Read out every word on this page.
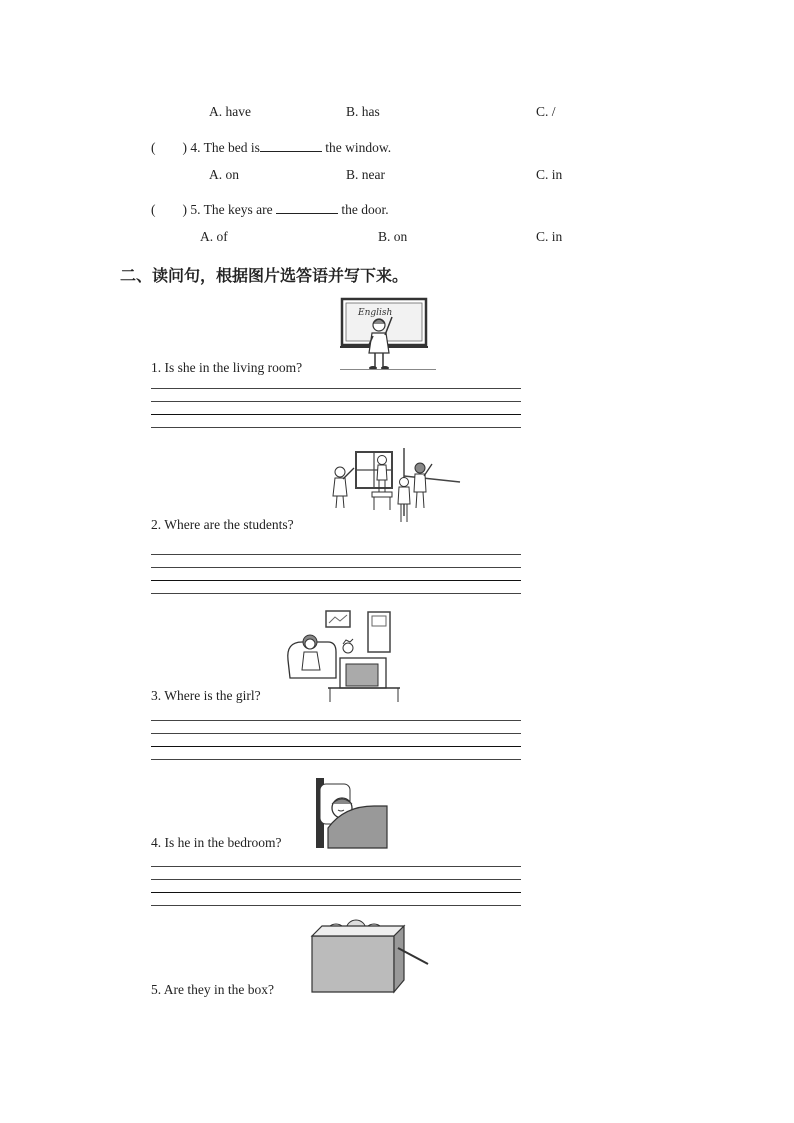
A. have	B. has	C. /
(　　) 4. The bed is	the window.
A. on	B. near	C. in
(　　) 5. The keys are	the door.
A. of	B. on	C. in
二、读问句，根据图片选答语并写下来。
English
1. Is she in the living room?
2. Where are the students?
3. Where is the girl?
4. Is he in the bedroom?
5. Are they in the box?
